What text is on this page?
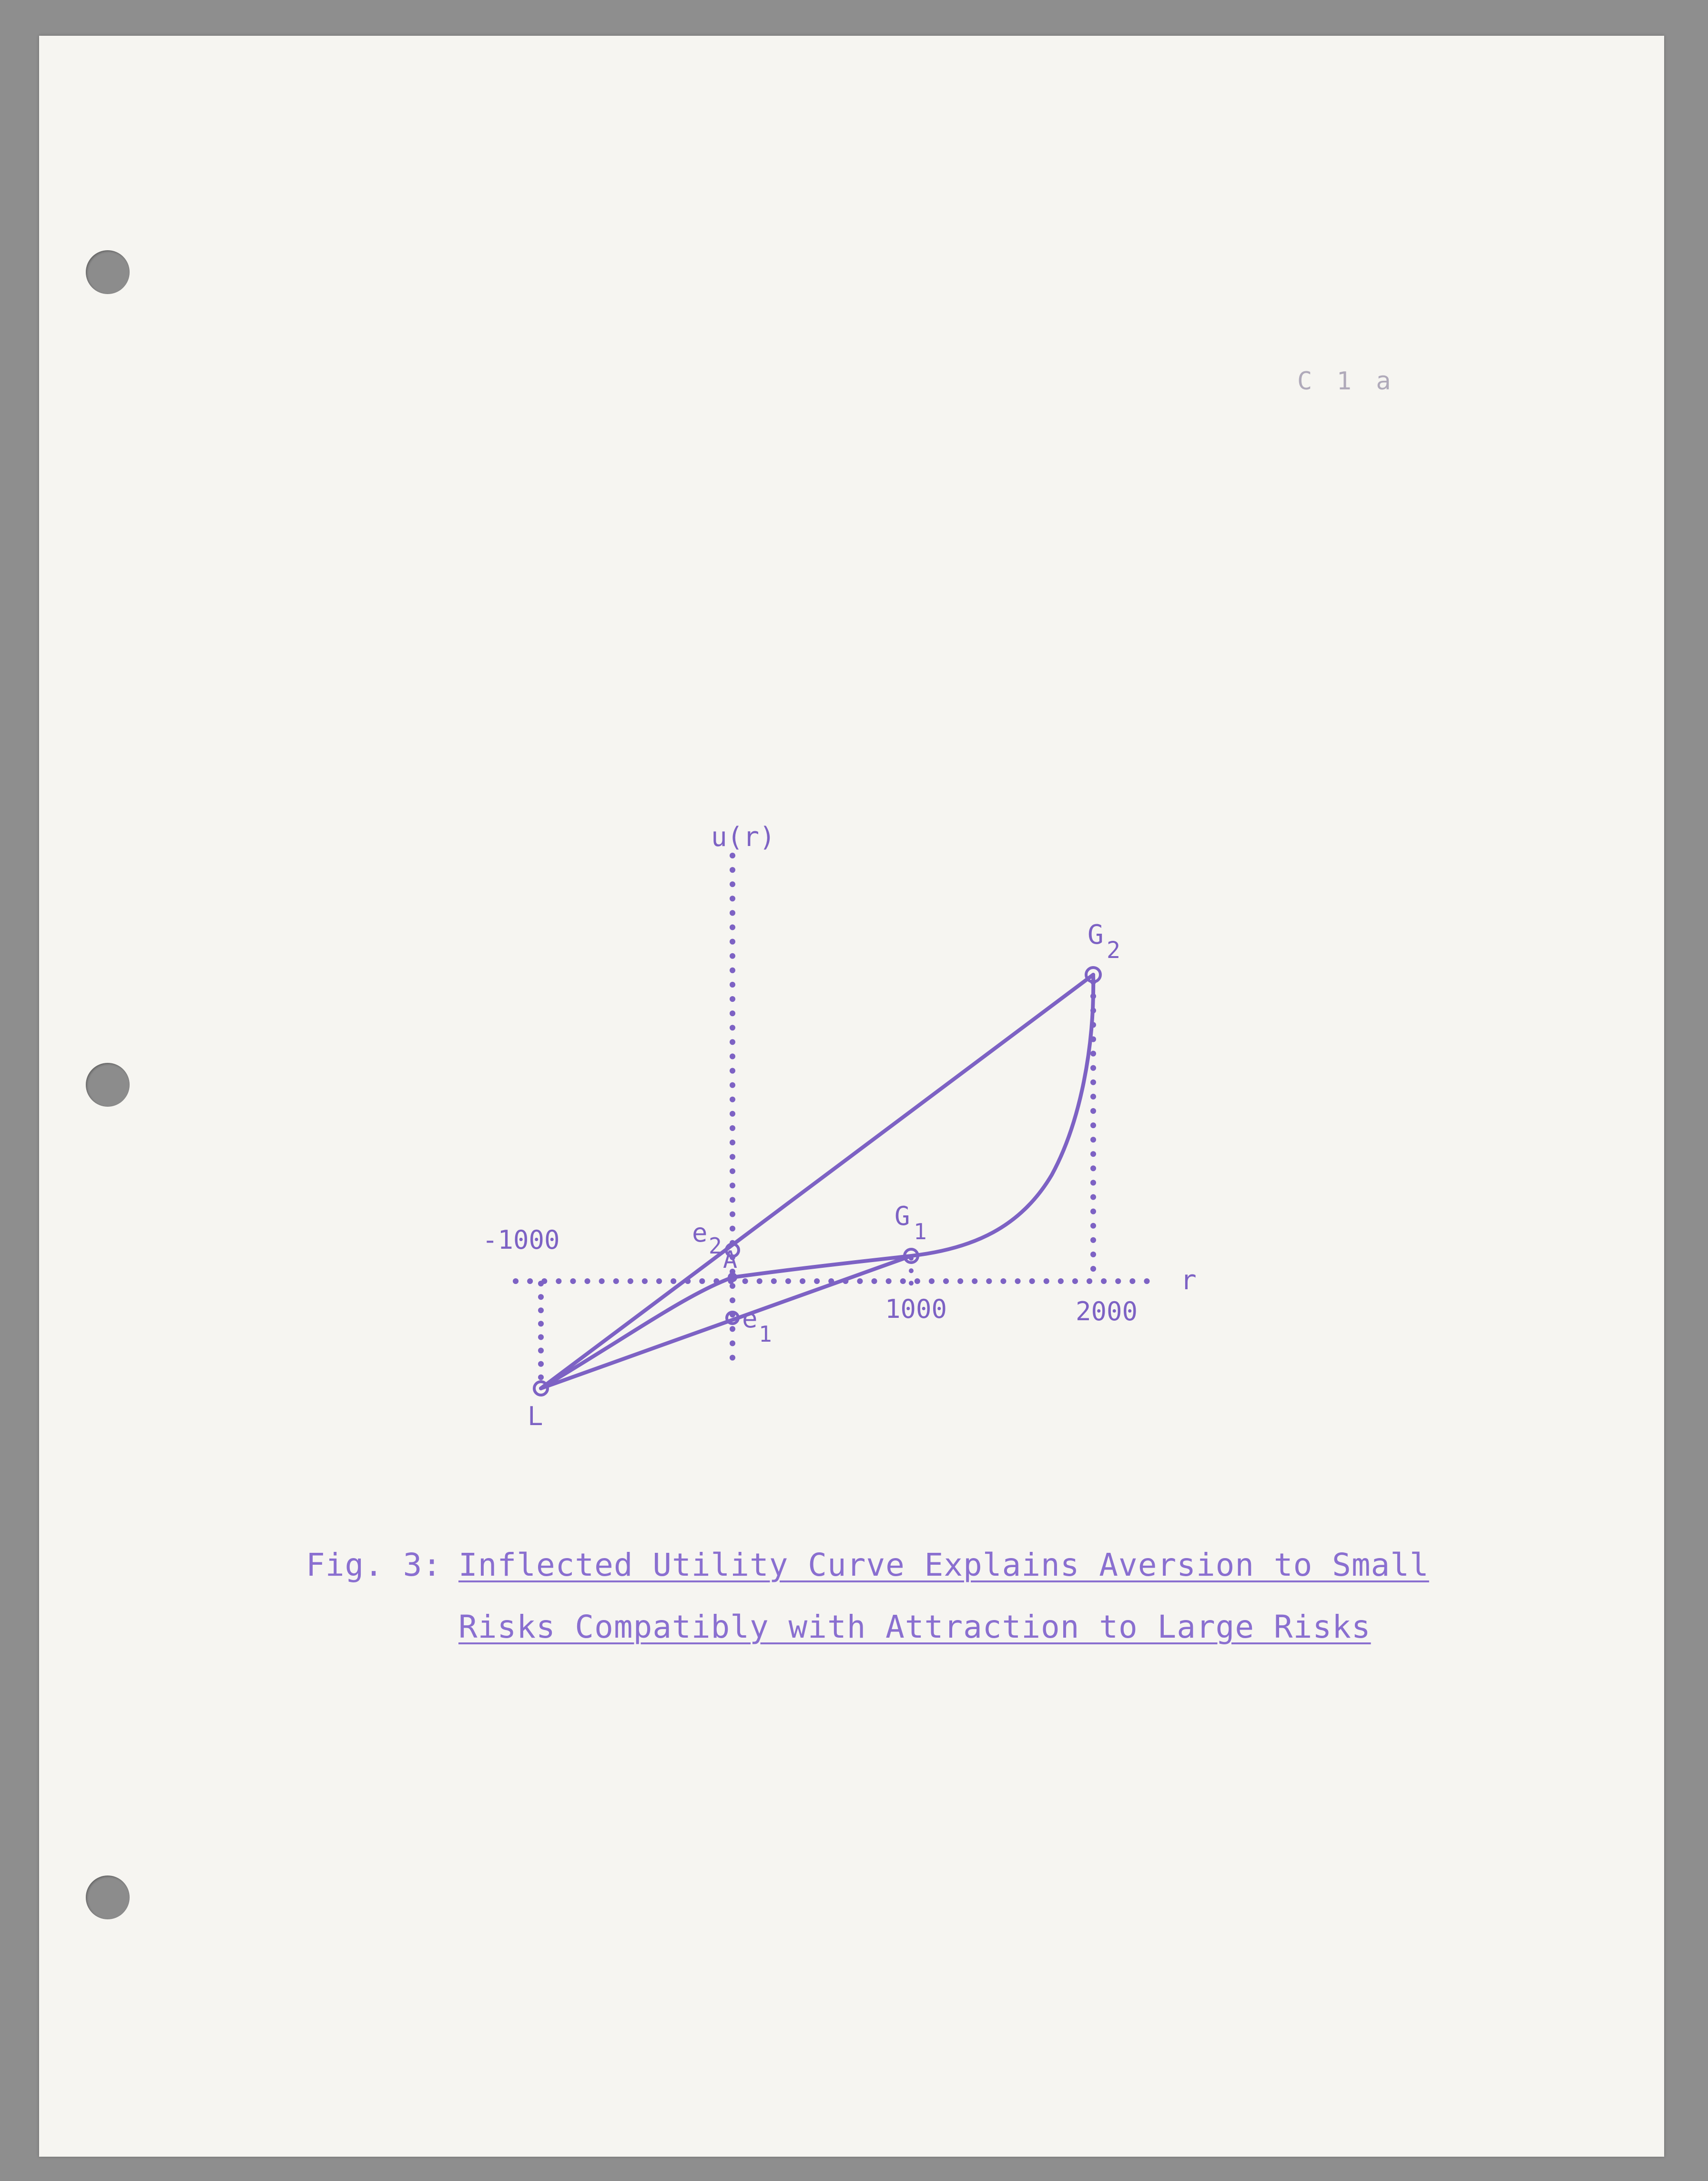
C 1 a
u(r)
r
-1000
1000	2000
L
A
e 2
e
1
G
1
G 2
Fig. 3: Inflected Utility Curve Explains Aversion to Small
Risks Compatibly with Attraction to Large Risks
